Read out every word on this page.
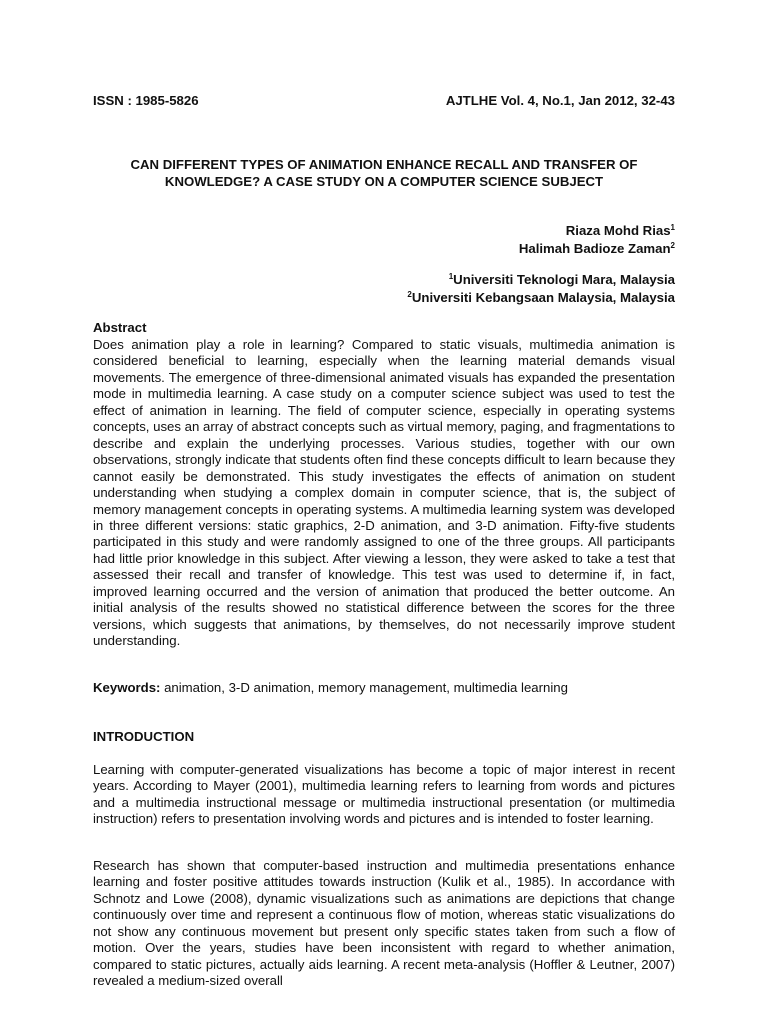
ISSN : 1985-5826	AJTLHE Vol. 4, No.1, Jan 2012, 32-43
CAN DIFFERENT TYPES OF ANIMATION ENHANCE RECALL AND TRANSFER OF
KNOWLEDGE? A CASE STUDY ON A COMPUTER SCIENCE SUBJECT
Riaza Mohd Rias$^1$
Halimah Badioze Zaman$^2$
$^1$Universiti Teknologi Mara, Malaysia
$^2$Universiti Kebangsaan Malaysia, Malaysia
Abstract
Does animation play a role in learning? Compared to static visuals, multimedia animation is considered beneficial to learning, especially when the learning material demands visual movements. The emergence of three-dimensional animated visuals has expanded the presentation mode in multimedia learning. A case study on a computer science subject was used to test the effect of animation in learning. The field of computer science, especially in operating systems concepts, uses an array of abstract concepts such as virtual memory, paging, and fragmentations to describe and explain the underlying processes. Various studies, together with our own observations, strongly indicate that students often find these concepts difficult to learn because they cannot easily be demonstrated. This study investigates the effects of animation on student understanding when studying a complex domain in computer science, that is, the subject of memory management concepts in operating systems. A multimedia learning system was developed in three different versions: static graphics, 2-D animation, and 3-D animation. Fifty-five students participated in this study and were randomly assigned to one of the three groups. All participants had little prior knowledge in this subject. After viewing a lesson, they were asked to take a test that assessed their recall and transfer of knowledge. This test was used to determine if, in fact, improved learning occurred and the version of animation that produced the better outcome. An initial analysis of the results showed no statistical difference between the scores for the three versions, which suggests that animations, by themselves, do not necessarily improve student understanding.
Keywords: animation, 3-D animation, memory management, multimedia learning
INTRODUCTION
Learning with computer-generated visualizations has become a topic of major interest in recent years. According to Mayer (2001), multimedia learning refers to learning from words and pictures and a multimedia instructional message or multimedia instructional presentation (or multimedia instruction) refers to presentation involving words and pictures and is intended to foster learning.
Research has shown that computer-based instruction and multimedia presentations enhance learning and foster positive attitudes towards instruction (Kulik et al., 1985). In accordance with Schnotz and Lowe (2008), dynamic visualizations such as animations are depictions that change continuously over time and represent a continuous flow of motion, whereas static visualizations do not show any continuous movement but present only specific states taken from such a flow of motion. Over the years, studies have been inconsistent with regard to whether animation, compared to static pictures, actually aids learning. A recent meta-analysis (Hoffler & Leutner, 2007) revealed a medium-sized overall
